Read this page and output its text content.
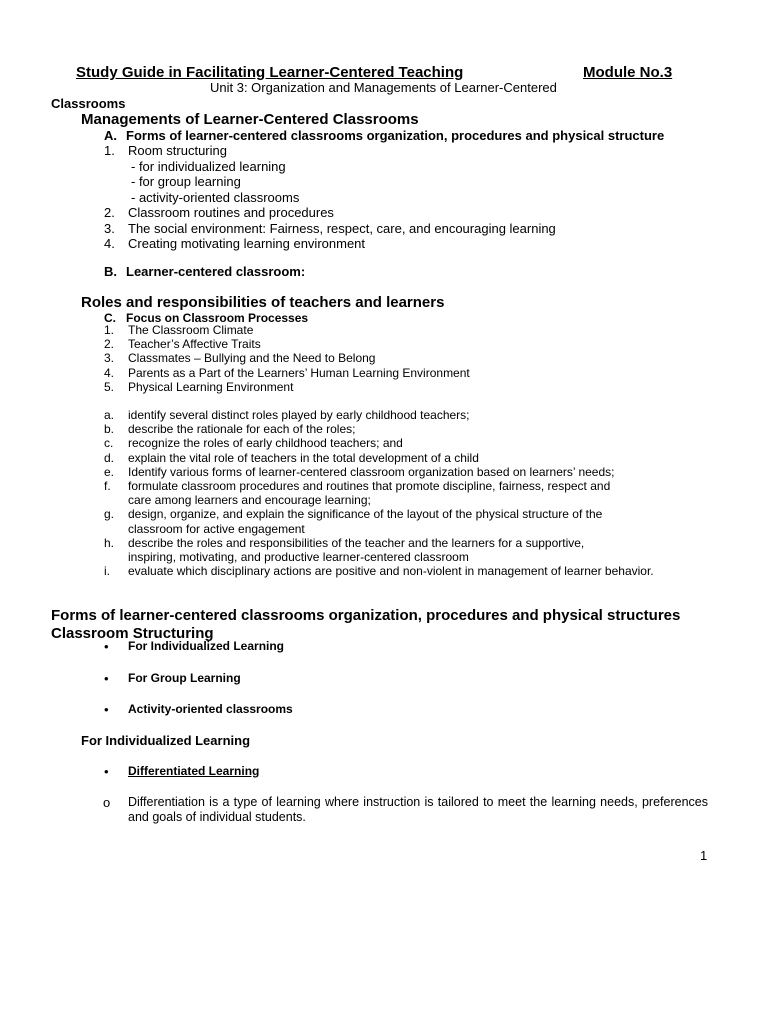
Study Guide in Facilitating Learner-Centered Teaching	Module No.3
Unit 3: Organization and Managements of Learner-Centered
Classrooms
Managements of Learner-Centered Classrooms
A. Forms of learner-centered classrooms organization, procedures and physical structure
1. Room structuring
- for individualized learning
- for group learning
- activity-oriented classrooms
2. Classroom routines and procedures
3. The social environment: Fairness, respect, care, and encouraging learning
4. Creating motivating learning environment
B. Learner-centered classroom:
Roles and responsibilities of teachers and learners
C. Focus on Classroom Processes
1. The Classroom Climate
2. Teacher’s Affective Traits
3. Classmates – Bullying and the Need to Belong
4. Parents as a Part of the Learners’ Human Learning Environment
5. Physical Learning Environment
a. identify several distinct roles played by early childhood teachers;
b. describe the rationale for each of the roles;
c. recognize the roles of early childhood teachers; and
d. explain the vital role of teachers in the total development of a child
e. Identify various forms of learner-centered classroom organization based on learners’ needs;
f. formulate classroom procedures and routines that promote discipline, fairness, respect and
care among learners and encourage learning;
g. design, organize, and explain the significance of the layout of the physical structure of the
classroom for active engagement
h. describe the roles and responsibilities of the teacher and the learners for a supportive,
inspiring, motivating, and productive learner-centered classroom
i. evaluate which disciplinary actions are positive and non-violent in management of learner behavior.
Forms of learner-centered classrooms organization, procedures and physical structures
Classroom Structuring
• For Individualized Learning
• For Group Learning
• Activity-oriented classrooms
For Individualized Learning
• Differentiated Learning
o Differentiation is a type of learning where instruction is tailored to meet the learning needs, preferences and goals of individual students.
1
